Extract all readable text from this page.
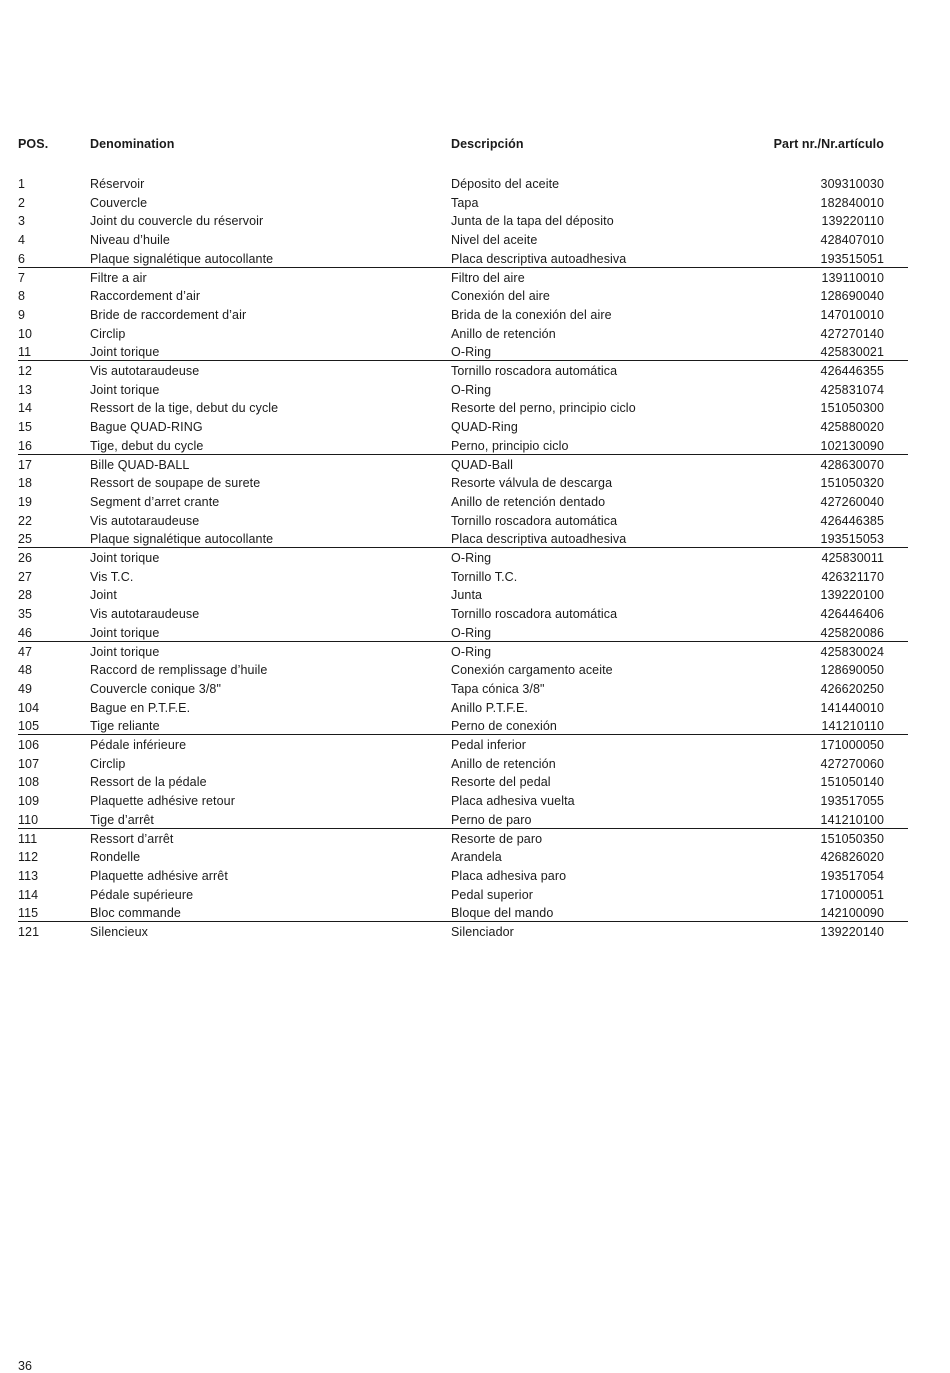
POS.	Denomination	Descripción	Part nr./Nr.artículo
1	Réservoir	Déposito del aceite	309310030
2	Couvercle	Tapa	182840010
3	Joint du couvercle du réservoir	Junta de la tapa del déposito	139220110
4	Niveau d’huile	Nivel del aceite	428407010
6	Plaque signalétique autocollante	Placa descriptiva autoadhesiva	193515051
7	Filtre a air	Filtro del aire	139110010
8	Raccordement d’air	Conexión del aire	128690040
9	Bride de raccordement d’air	Brida de la conexión del aire	147010010
10	Circlip	Anillo de retención	427270140
11	Joint torique	O-Ring	425830021
12	Vis autotaraudeuse	Tornillo roscadora automática	426446355
13	Joint torique	O-Ring	425831074
14	Ressort de la tige, debut du cycle	Resorte del perno, principio ciclo	151050300
15	Bague QUAD-RING	QUAD-Ring	425880020
16	Tige, debut du cycle	Perno, principio ciclo	102130090
17	Bille QUAD-BALL	QUAD-Ball	428630070
18	Ressort de soupape de surete	Resorte válvula de descarga	151050320
19	Segment d’arret crante	Anillo de retención dentado	427260040
22	Vis autotaraudeuse	Tornillo roscadora automática	426446385
25	Plaque signalétique autocollante	Placa descriptiva autoadhesiva	193515053
26	Joint torique	O-Ring	425830011
27	Vis T.C.	Tornillo T.C.	426321170
28	Joint	Junta	139220100
35	Vis autotaraudeuse	Tornillo roscadora automática	426446406
46	Joint torique	O-Ring	425820086
47	Joint torique	O-Ring	425830024
48	Raccord de remplissage d’huile	Conexión cargamento aceite	128690050
49	Couvercle conique 3/8"	Tapa cónica 3/8"	426620250
104	Bague en P.T.F.E.	Anillo P.T.F.E.	141440010
105	Tige reliante	Perno de conexión	141210110
106	Pédale inférieure	Pedal inferior	171000050
107	Circlip	Anillo de retención	427270060
108	Ressort de la pédale	Resorte del pedal	151050140
109	Plaquette adhésive retour	Placa adhesiva vuelta	193517055
110	Tige d’arrêt	Perno de paro	141210100
111	Ressort d’arrêt	Resorte de paro	151050350
112	Rondelle	Arandela	426826020
113	Plaquette adhésive arrêt	Placa adhesiva paro	193517054
114	Pédale supérieure	Pedal superior	171000051
115	Bloc commande	Bloque del mando	142100090
121	Silencieux	Silenciador	139220140
36
